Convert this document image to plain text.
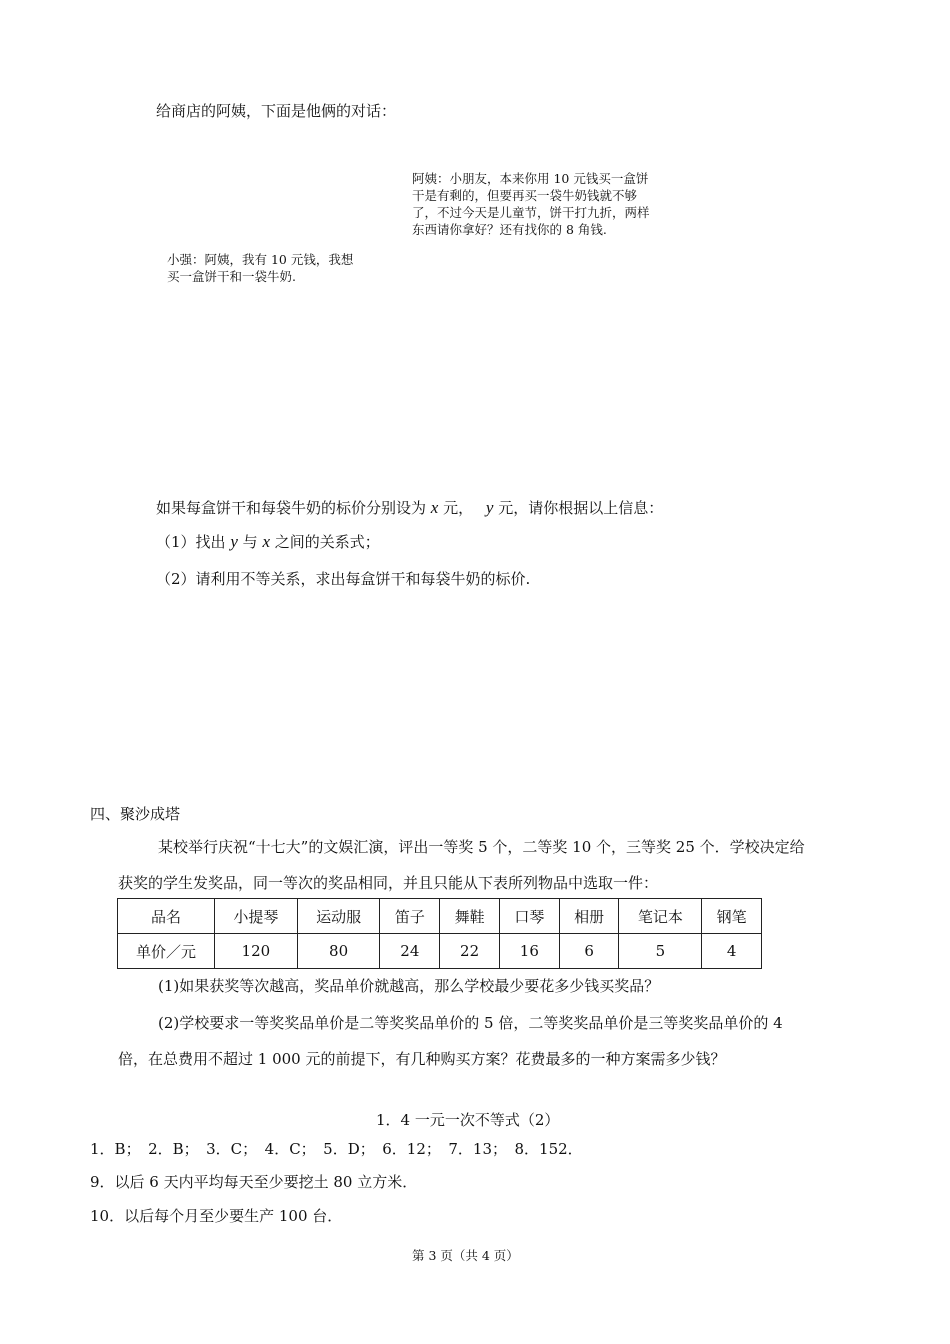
给商店的阿姨，下面是他俩的对话：
阿姨：小朋友，本来你用 10 元钱买一盒饼
干是有剩的，但要再买一袋牛奶钱就不够
了，不过今天是儿童节，饼干打九折，两样
东西请你拿好？还有找你的 8 角钱.
小强：阿姨，我有 10 元钱，我想
买一盒饼干和一袋牛奶.
如果每盒饼干和每袋牛奶的标价分别设为 x 元， y 元，请你根据以上信息：
（1）找出 y 与 x 之间的关系式；
（2）请利用不等关系，求出每盒饼干和每袋牛奶的标价.
四、聚沙成塔
某校举行庆祝“十七大”的文娱汇演，评出一等奖 5 个，二等奖 10 个，三等奖 25 个．学校决定给
获奖的学生发奖品，同一等次的奖品相同，并且只能从下表所列物品中选取一件：
品名	小提琴	运动服	笛子	舞鞋	口琴	相册	笔记本	钢笔
单价／元	120	80	24	22	16	6	5	4
(1)如果获奖等次越高，奖品单价就越高，那么学校最少要花多少钱买奖品？
(2)学校要求一等奖奖品单价是二等奖奖品单价的 5 倍，二等奖奖品单价是三等奖奖品单价的 4
倍，在总费用不超过 1 000 元的前提下，有几种购买方案？花费最多的一种方案需多少钱？
1．4 一元一次不等式（2）
1．B；　2．B；　3．C；　4．C；　5．D；　6．12；　7．13；　8．152．
9．以后 6 天内平均每天至少要挖土 80 立方米．
10．以后每个月至少要生产 100 台．
第 3 页（共 4 页）
